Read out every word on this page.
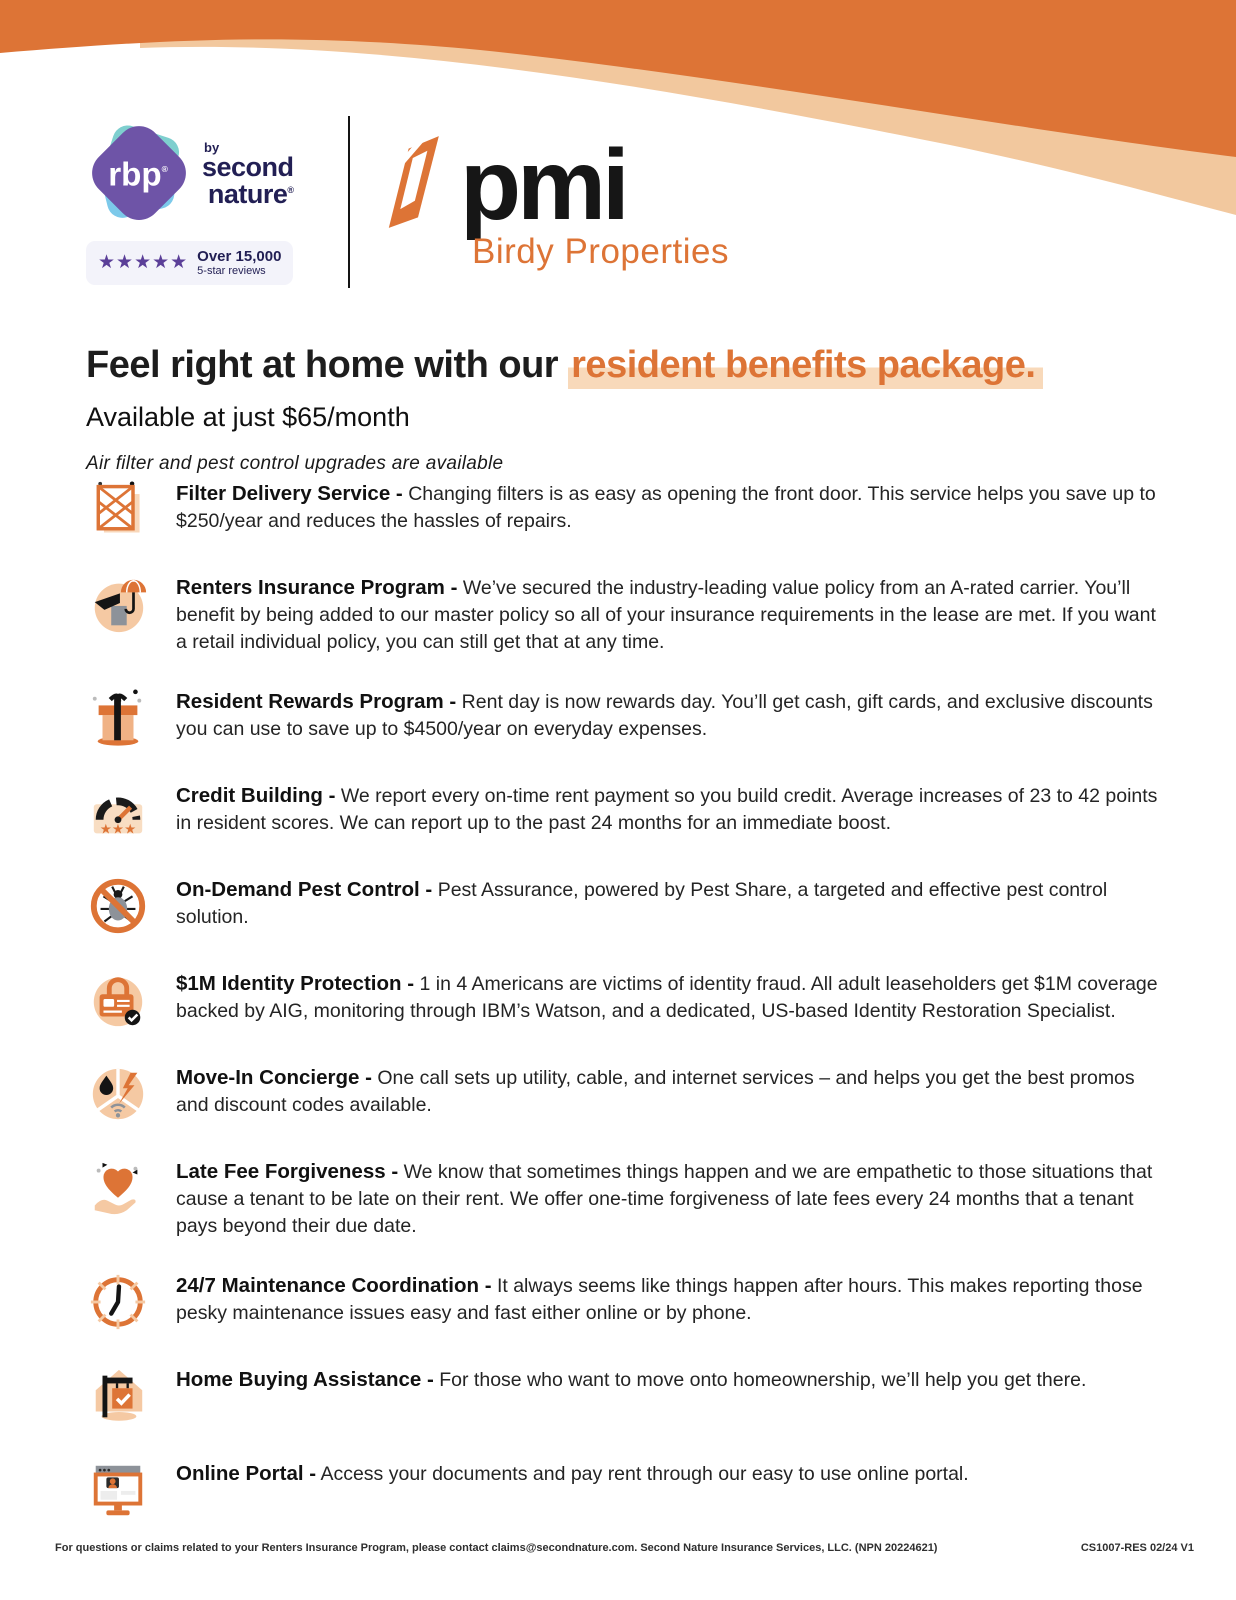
rbp®
by
second
nature®
★★★★★ Over 15,000
5-star reviews
pmi
Birdy Properties
Feel right at home with our resident benefits package.

Available at just $65/month

Air filter and pest control upgrades are available

Filter Delivery Service - Changing filters is as easy as opening the front door. This service helps you save up to $250/year and reduces the hassles of repairs.

Renters Insurance Program - We’ve secured the industry-leading value policy from an A-rated carrier. You’ll benefit by being added to our master policy so all of your insurance requirements in the lease are met. If you want a retail individual policy, you can still get that at any time.

Resident Rewards Program - Rent day is now rewards day. You’ll get cash, gift cards, and exclusive discounts you can use to save up to $4500/year on everyday expenses.

★★★

Credit Building - We report every on-time rent payment so you build credit. Average increases of 23 to 42 points in resident scores. We can report up to the past 24 months for an immediate boost.

On-Demand Pest Control - Pest Assurance, powered by Pest Share, a targeted and effective pest control solution.

$1M Identity Protection - 1 in 4 Americans are victims of identity fraud. All adult leaseholders get $1M coverage backed by AIG, monitoring through IBM’s Watson, and a dedicated, US-based Identity Restoration Specialist.

Move-In Concierge - One call sets up utility, cable, and internet services – and helps you get the best promos and discount codes available.

Late Fee Forgiveness - We know that sometimes things happen and we are empathetic to those situations that cause a tenant to be late on their rent. We offer one-time forgiveness of late fees every 24 months that a tenant pays beyond their due date.

24/7 Maintenance Coordination - It always seems like things happen after hours. This makes reporting those pesky maintenance issues easy and fast either online or by phone.

Home Buying Assistance - For those who want to move onto homeownership, we’ll help you get there.

Online Portal - Access your documents and pay rent through our easy to use online portal.

For questions or claims related to your Renters Insurance Program, please contact claims@secondnature.com. Second Nature Insurance Services, LLC. (NPN 20224621)	CS1007-RES 02/24 V1
